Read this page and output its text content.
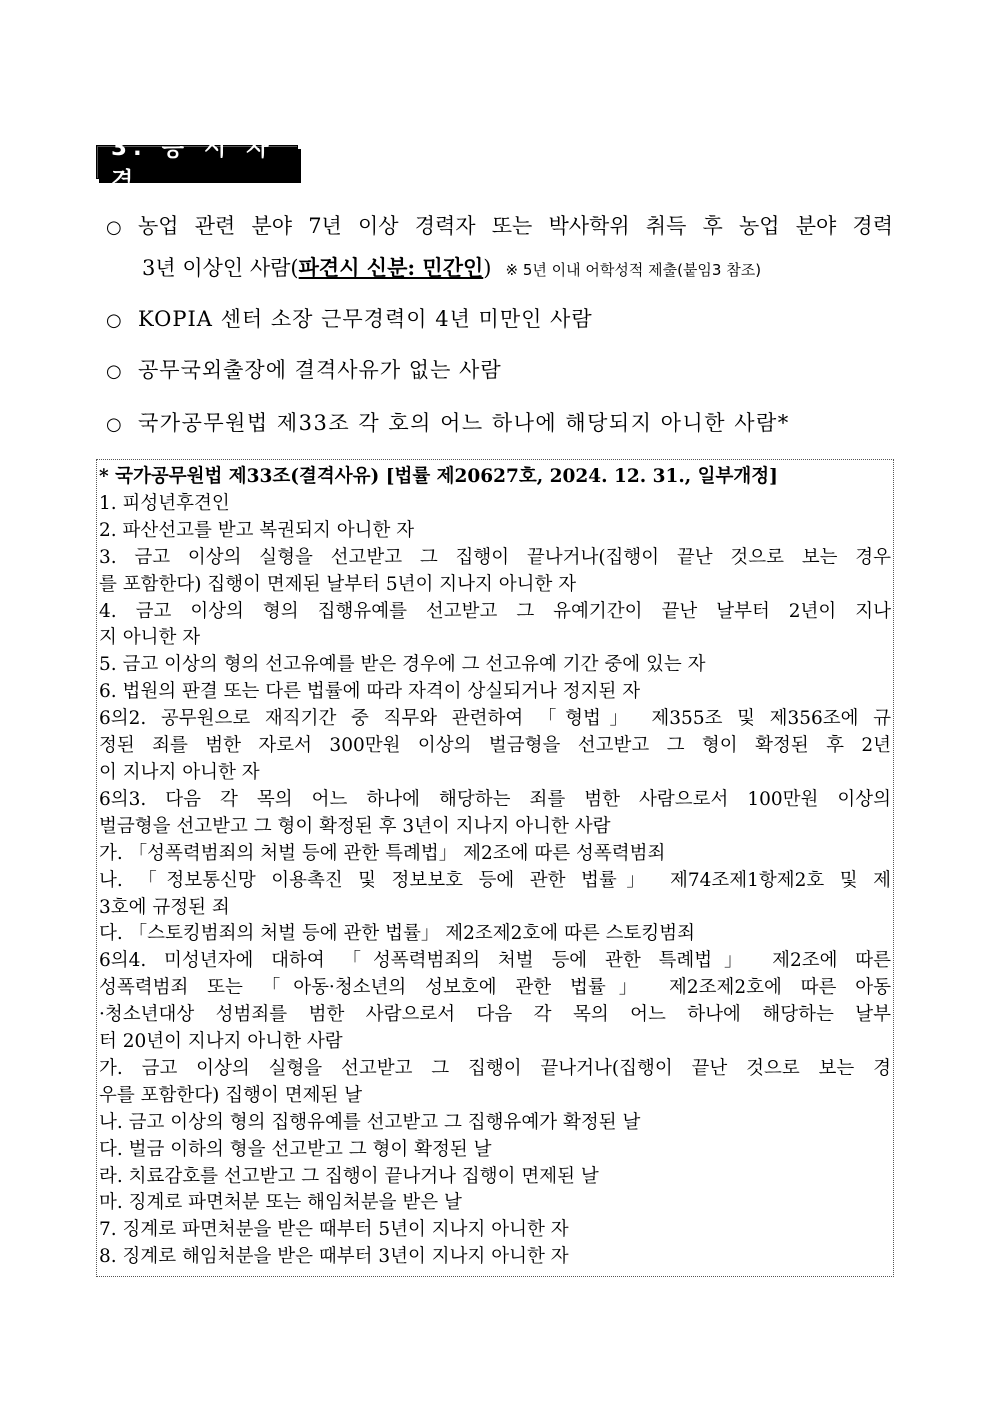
3. 응 시 자 격
○ 농업 관련 분야 7년 이상 경력자 또는 박사학위 취득 후 농업 분야 경력
3년 이상인 사람(파견시 신분: 민간인) ※ 5년 이내 어학성적 제출(붙임3 참조)
○ KOPIA 센터 소장 근무경력이 4년 미만인 사람
○ 공무국외출장에 결격사유가 없는 사람
○ 국가공무원법 제33조 각 호의 어느 하나에 해당되지 아니한 사람*
* 국가공무원법 제33조(결격사유) [법률 제20627호, 2024. 12. 31., 일부개정]
1. 피성년후견인
2. 파산선고를 받고 복권되지 아니한 자
3. 금고 이상의 실형을 선고받고 그 집행이 끝나거나(집행이 끝난 것으로 보는 경우
를 포함한다) 집행이 면제된 날부터 5년이 지나지 아니한 자
4. 금고 이상의 형의 집행유예를 선고받고 그 유예기간이 끝난 날부터 2년이 지나
지 아니한 자
5. 금고 이상의 형의 선고유예를 받은 경우에 그 선고유예 기간 중에 있는 자
6. 법원의 판결 또는 다른 법률에 따라 자격이 상실되거나 정지된 자
6의2. 공무원으로 재직기간 중 직무와 관련하여 「형법」 제355조 및 제356조에 규
정된 죄를 범한 자로서 300만원 이상의 벌금형을 선고받고 그 형이 확정된 후 2년
이 지나지 아니한 자
6의3. 다음 각 목의 어느 하나에 해당하는 죄를 범한 사람으로서 100만원 이상의
벌금형을 선고받고 그 형이 확정된 후 3년이 지나지 아니한 사람
가. 「성폭력범죄의 처벌 등에 관한 특례법」 제2조에 따른 성폭력범죄
나. 「정보통신망 이용촉진 및 정보보호 등에 관한 법률」 제74조제1항제2호 및 제
3호에 규정된 죄
다. 「스토킹범죄의 처벌 등에 관한 법률」 제2조제2호에 따른 스토킹범죄
6의4. 미성년자에 대하여 「성폭력범죄의 처벌 등에 관한 특례법」 제2조에 따른
성폭력범죄 또는 「아동·청소년의 성보호에 관한 법률」 제2조제2호에 따른 아동
·청소년대상 성범죄를 범한 사람으로서 다음 각 목의 어느 하나에 해당하는 날부
터 20년이 지나지 아니한 사람
가. 금고 이상의 실형을 선고받고 그 집행이 끝나거나(집행이 끝난 것으로 보는 경
우를 포함한다) 집행이 면제된 날
나. 금고 이상의 형의 집행유예를 선고받고 그 집행유예가 확정된 날
다. 벌금 이하의 형을 선고받고 그 형이 확정된 날
라. 치료감호를 선고받고 그 집행이 끝나거나 집행이 면제된 날
마. 징계로 파면처분 또는 해임처분을 받은 날
7. 징계로 파면처분을 받은 때부터 5년이 지나지 아니한 자
8. 징계로 해임처분을 받은 때부터 3년이 지나지 아니한 자
